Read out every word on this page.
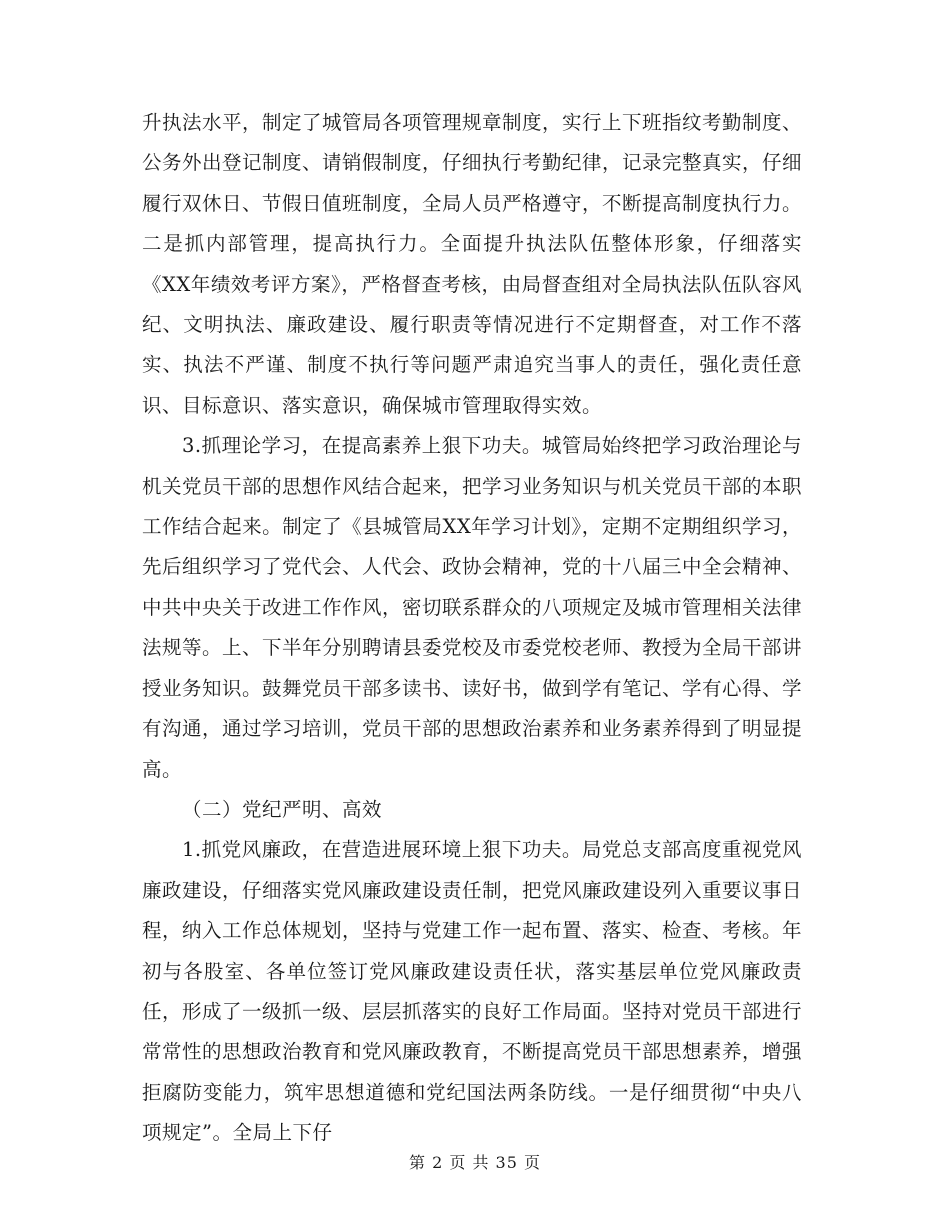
升执法水平，制定了城管局各项管理规章制度，实行上下班指纹考勤制度、公务外出登记制度、请销假制度，仔细执行考勤纪律，记录完整真实，仔细履行双休日、节假日值班制度，全局人员严格遵守，不断提高制度执行力。二是抓内部管理，提高执行力。全面提升执法队伍整体形象，仔细落实《XX年绩效考评方案》，严格督查考核，由局督查组对全局执法队伍队容风纪、文明执法、廉政建设、履行职责等情况进行不定期督查，对工作不落实、执法不严谨、制度不执行等问题严肃追究当事人的责任，强化责任意识、目标意识、落实意识，确保城市管理取得实效。

3.抓理论学习，在提高素养上狠下功夫。城管局始终把学习政治理论与机关党员干部的思想作风结合起来，把学习业务知识与机关党员干部的本职工作结合起来。制定了《县城管局XX年学习计划》，定期不定期组织学习，先后组织学习了党代会、人代会、政协会精神，党的十八届三中全会精神、中共中央关于改进工作作风，密切联系群众的八项规定及城市管理相关法律法规等。上、下半年分别聘请县委党校及市委党校老师、教授为全局干部讲授业务知识。鼓舞党员干部多读书、读好书，做到学有笔记、学有心得、学有沟通，通过学习培训，党员干部的思想政治素养和业务素养得到了明显提高。

（二）党纪严明、高效

1.抓党风廉政，在营造进展环境上狠下功夫。局党总支部高度重视党风廉政建设，仔细落实党风廉政建设责任制，把党风廉政建设列入重要议事日程，纳入工作总体规划，坚持与党建工作一起布置、落实、检查、考核。年初与各股室、各单位签订党风廉政建设责任状，落实基层单位党风廉政责任，形成了一级抓一级、层层抓落实的良好工作局面。坚持对党员干部进行常常性的思想政治教育和党风廉政教育，不断提高党员干部思想素养，增强拒腐防变能力，筑牢思想道德和党纪国法两条防线。一是仔细贯彻“中央八项规定”。全局上下仔

第 2 页 共 35 页
